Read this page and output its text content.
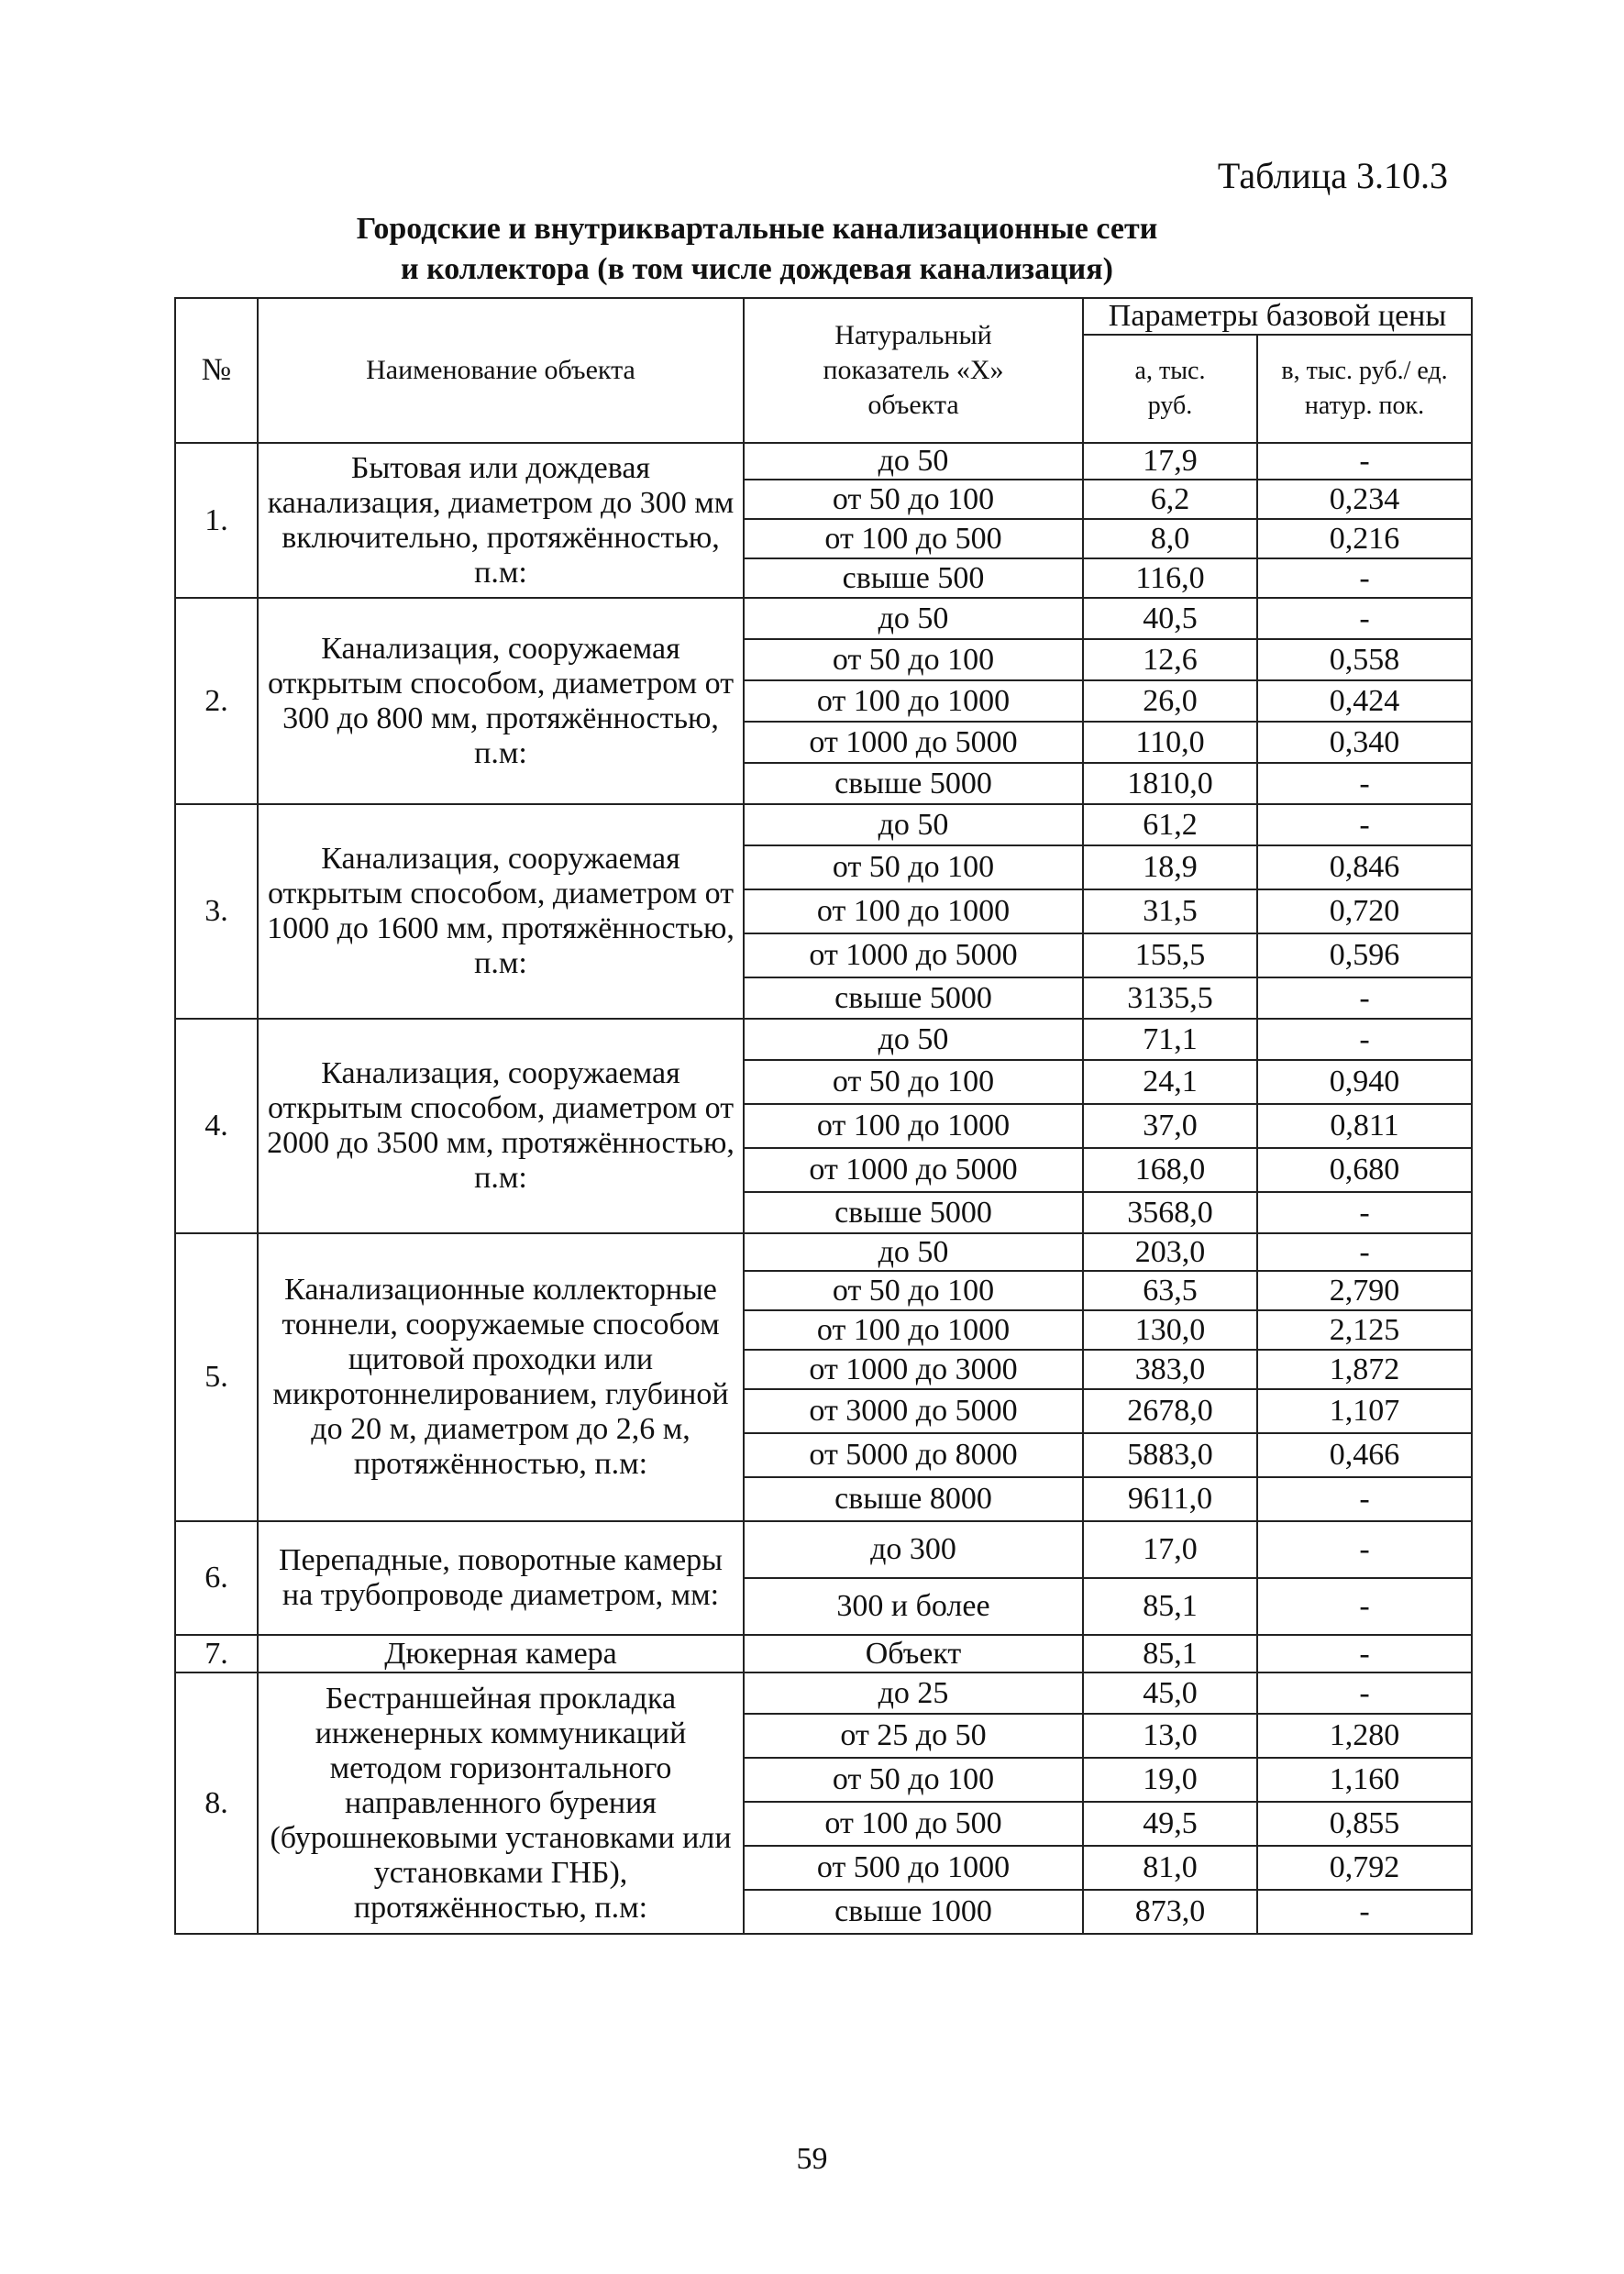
Таблица 3.10.3
Городские и внутриквартальные канализационные сети
и коллектора (в том числе дождевая канализация)
№	Наименование объекта	Натуральный показатель «Х» объекта	Параметры базовой цены	
			а, тыс. руб.	в, тыс. руб./ ед. натур. пок.
1.	Бытовая или дождевая канализация, диаметром до 300 мм включительно, протяжённостью, п.м:	до 50	17,9	-
		от 50 до 100	6,2	0,234
		от 100 до 500	8,0	0,216
		свыше 500	116,0	-
2.	Канализация, сооружаемая открытым способом, диаметром от 300 до 800 мм, протяжённостью, п.м:	до 50	40,5	-
		от 50 до 100	12,6	0,558
		от 100 до 1000	26,0	0,424
		от 1000 до 5000	110,0	0,340
		свыше 5000	1810,0	-
3.	Канализация, сооружаемая открытым способом, диаметром от 1000 до 1600 мм, протяжённостью, п.м:	до 50	61,2	-
		от 50 до 100	18,9	0,846
		от 100 до 1000	31,5	0,720
		от 1000 до 5000	155,5	0,596
		свыше 5000	3135,5	-
4.	Канализация, сооружаемая открытым способом, диаметром от 2000 до 3500 мм, протяжённостью, п.м:	до 50	71,1	-
		от 50 до 100	24,1	0,940
		от 100 до 1000	37,0	0,811
		от 1000 до 5000	168,0	0,680
		свыше 5000	3568,0	-
5.	Канализационные коллекторные тоннели, сооружаемые способом щитовой проходки или микротоннелированием, глубиной до 20 м, диаметром до 2,6 м, протяжённостью, п.м:	до 50	203,0	-
		от 50 до 100	63,5	2,790
		от 100 до 1000	130,0	2,125
		от 1000 до 3000	383,0	1,872
		от 3000 до 5000	2678,0	1,107
		от 5000 до 8000	5883,0	0,466
		свыше 8000	9611,0	-
6.	Перепадные, поворотные камеры на трубопроводе диаметром, мм:	до 300	17,0	-
		300 и более	85,1	-
7.	Дюкерная камера	Объект	85,1	-
8.	Бестраншейная прокладка инженерных коммуникаций методом горизонтального направленного бурения (бурошнековыми установками или установками ГНБ), протяжённостью, п.м:	до 25	45,0	-
		от 25 до 50	13,0	1,280
		от 50 до 100	19,0	1,160
		от 100 до 500	49,5	0,855
		от 500 до 1000	81,0	0,792
		свыше 1000	873,0	-
59
